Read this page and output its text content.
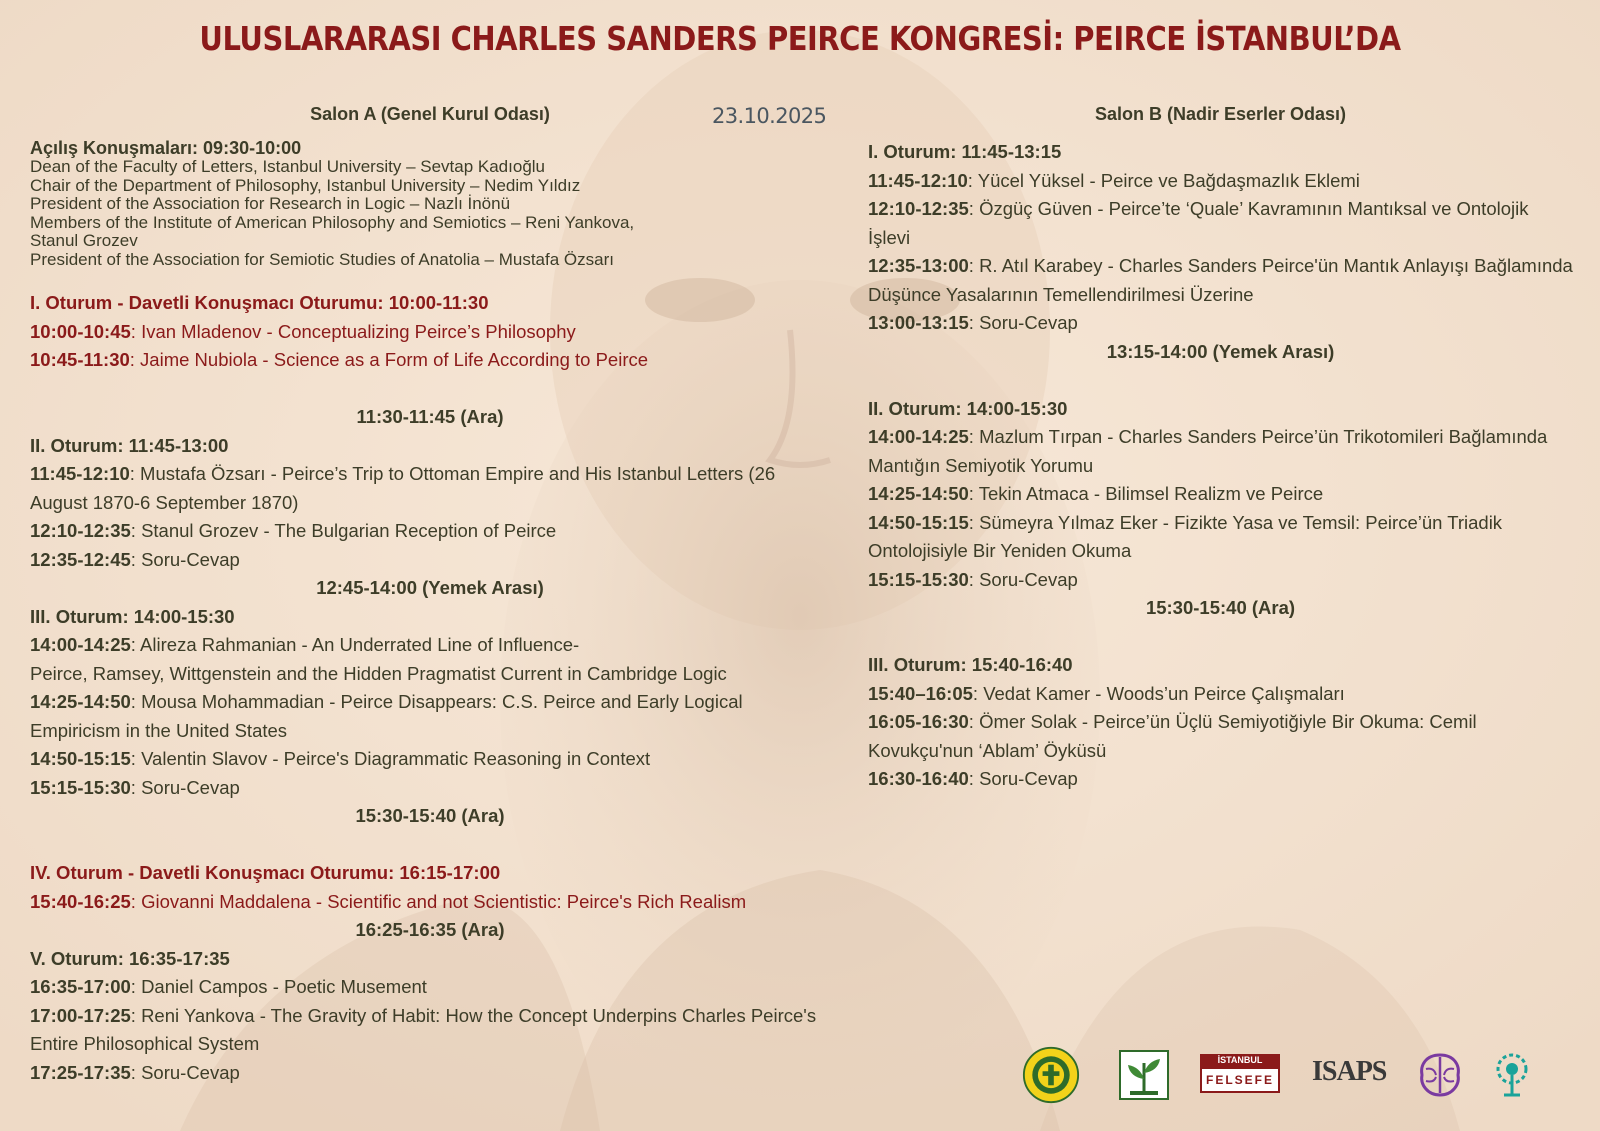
ULUSLARARASI CHARLES SANDERS PEIRCE KONGRESİ: PEIRCE İSTANBUL’DA
23.10.2025
Salon A (Genel Kurul Odası)
Açılış Konuşmaları: 09:30-10:00
Dean of the Faculty of Letters, Istanbul University – Sevtap Kadıoğlu
Chair of the Department of Philosophy, Istanbul University – Nedim Yıldız
President of the Association for Research in Logic – Nazlı İnönü
Members of the Institute of American Philosophy and Semiotics – Reni Yankova,
Stanul Grozev
President of the Association for Semiotic Studies of Anatolia – Mustafa Özsarı
I. Oturum - Davetli Konuşmacı Oturumu: 10:00-11:30
10:00-10:45: Ivan Mladenov - Conceptualizing Peirce’s Philosophy
10:45-11:30: Jaime Nubiola - Science as a Form of Life According to Peirce
11:30-11:45 (Ara)
II. Oturum: 11:45-13:00
11:45-12:10: Mustafa Özsarı - Peirce’s Trip to Ottoman Empire and His Istanbul Letters (26 August 1870-6 September 1870)
12:10-12:35: Stanul Grozev - The Bulgarian Reception of Peirce
12:35-12:45: Soru-Cevap
12:45-14:00 (Yemek Arası)
III. Oturum: 14:00-15:30
14:00-14:25: Alireza Rahmanian - An Underrated Line of Influence-
Peirce, Ramsey, Wittgenstein and the Hidden Pragmatist Current in Cambridge Logic
14:25-14:50: Mousa Mohammadian - Peirce Disappears: C.S. Peirce and Early Logical Empiricism in the United States
14:50-15:15: Valentin Slavov - Peirce's Diagrammatic Reasoning in Context
15:15-15:30: Soru-Cevap
15:30-15:40 (Ara)
IV. Oturum - Davetli Konuşmacı Oturumu: 16:15-17:00
15:40-16:25: Giovanni Maddalena - Scientific and not Scientistic: Peirce's Rich Realism
16:25-16:35 (Ara)
V. Oturum: 16:35-17:35
16:35-17:00: Daniel Campos - Poetic Musement
17:00-17:25: Reni Yankova - The Gravity of Habit: How the Concept Underpins Charles Peirce's Entire Philosophical System
17:25-17:35: Soru-Cevap
Salon B (Nadir Eserler Odası)
I. Oturum: 11:45-13:15
11:45-12:10: Yücel Yüksel - Peirce ve Bağdaşmazlık Eklemi
12:10-12:35: Özgüç Güven - Peirce’te ‘Quale’ Kavramının Mantıksal ve Ontolojik İşlevi
12:35-13:00: R. Atıl Karabey - Charles Sanders Peirce'ün Mantık Anlayışı Bağlamında Düşünce Yasalarının Temellendirilmesi Üzerine
13:00-13:15: Soru-Cevap
13:15-14:00 (Yemek Arası)
II. Oturum: 14:00-15:30
14:00-14:25: Mazlum Tırpan - Charles Sanders Peirce’ün Trikotomileri Bağlamında Mantığın Semiyotik Yorumu
14:25-14:50: Tekin Atmaca - Bilimsel Realizm ve Peirce
14:50-15:15: Sümeyra Yılmaz Eker - Fizikte Yasa ve Temsil: Peirce’ün Triadik Ontolojisiyle Bir Yeniden Okuma
15:15-15:30: Soru-Cevap
15:30-15:40 (Ara)
III. Oturum: 15:40-16:40
15:40–16:05: Vedat Kamer - Woods’un Peirce Çalışmaları
16:05-16:30: Ömer Solak - Peirce’ün Üçlü Semiyotiğiyle Bir Okuma: Cemil Kovukçu'nun ‘Ablam’ Öyküsü
16:30-16:40: Soru-Cevap
İSTANBUL
FELSEFE ISAPS
